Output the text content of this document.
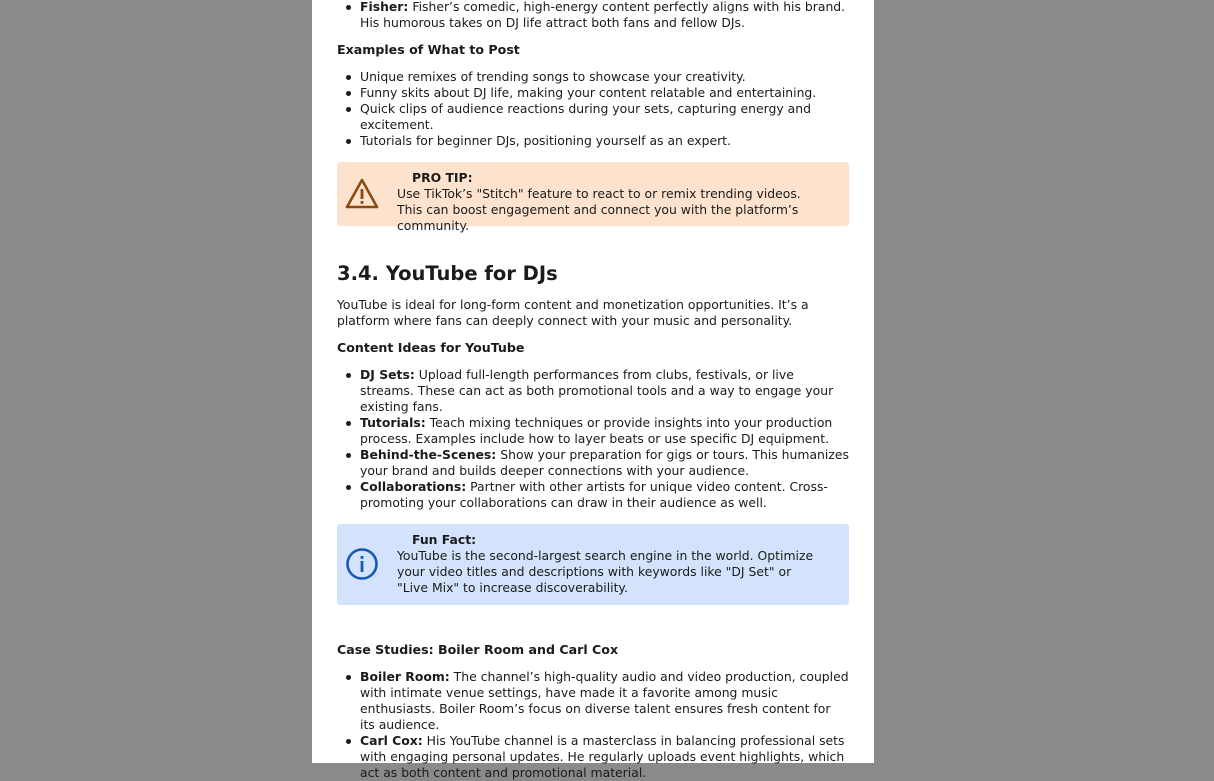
Fisher: Fisher’s comedic, high-energy content perfectly aligns with his brand. His humorous takes on DJ life attract both fans and fellow DJs.
Examples of What to Post
Unique remixes of trending songs to showcase your creativity.
Funny skits about DJ life, making your content relatable and entertaining.
Quick clips of audience reactions during your sets, capturing energy and excitement.
Tutorials for beginner DJs, positioning yourself as an expert.
PRO TIP:
Use TikTok’s "Stitch" feature to react to or remix trending videos. This can boost engagement and connect you with the platform’s community.
3.4. YouTube for DJs

YouTube is ideal for long-form content and monetization opportunities. It’s a platform where fans can deeply connect with your music and personality.

Content Ideas for YouTube
DJ Sets: Upload full-length performances from clubs, festivals, or live streams. These can act as both promotional tools and a way to engage your existing fans.
Tutorials: Teach mixing techniques or provide insights into your production process. Examples include how to layer beats or use specific DJ equipment.
Behind-the-Scenes: Show your preparation for gigs or tours. This humanizes your brand and builds deeper connections with your audience.
Collaborations: Partner with other artists for unique video content. Cross-promoting your collaborations can draw in their audience as well.
Fun Fact:
YouTube is the second-largest search engine in the world. Optimize your video titles and descriptions with keywords like "DJ Set" or "Live Mix" to increase discoverability.
Case Studies: Boiler Room and Carl Cox
Boiler Room: The channel’s high-quality audio and video production, coupled with intimate venue settings, have made it a favorite among music enthusiasts. Boiler Room’s focus on diverse talent ensures fresh content for its audience.
Carl Cox: His YouTube channel is a masterclass in balancing professional sets with engaging personal updates. He regularly uploads event highlights, which act as both content and promotional material.
